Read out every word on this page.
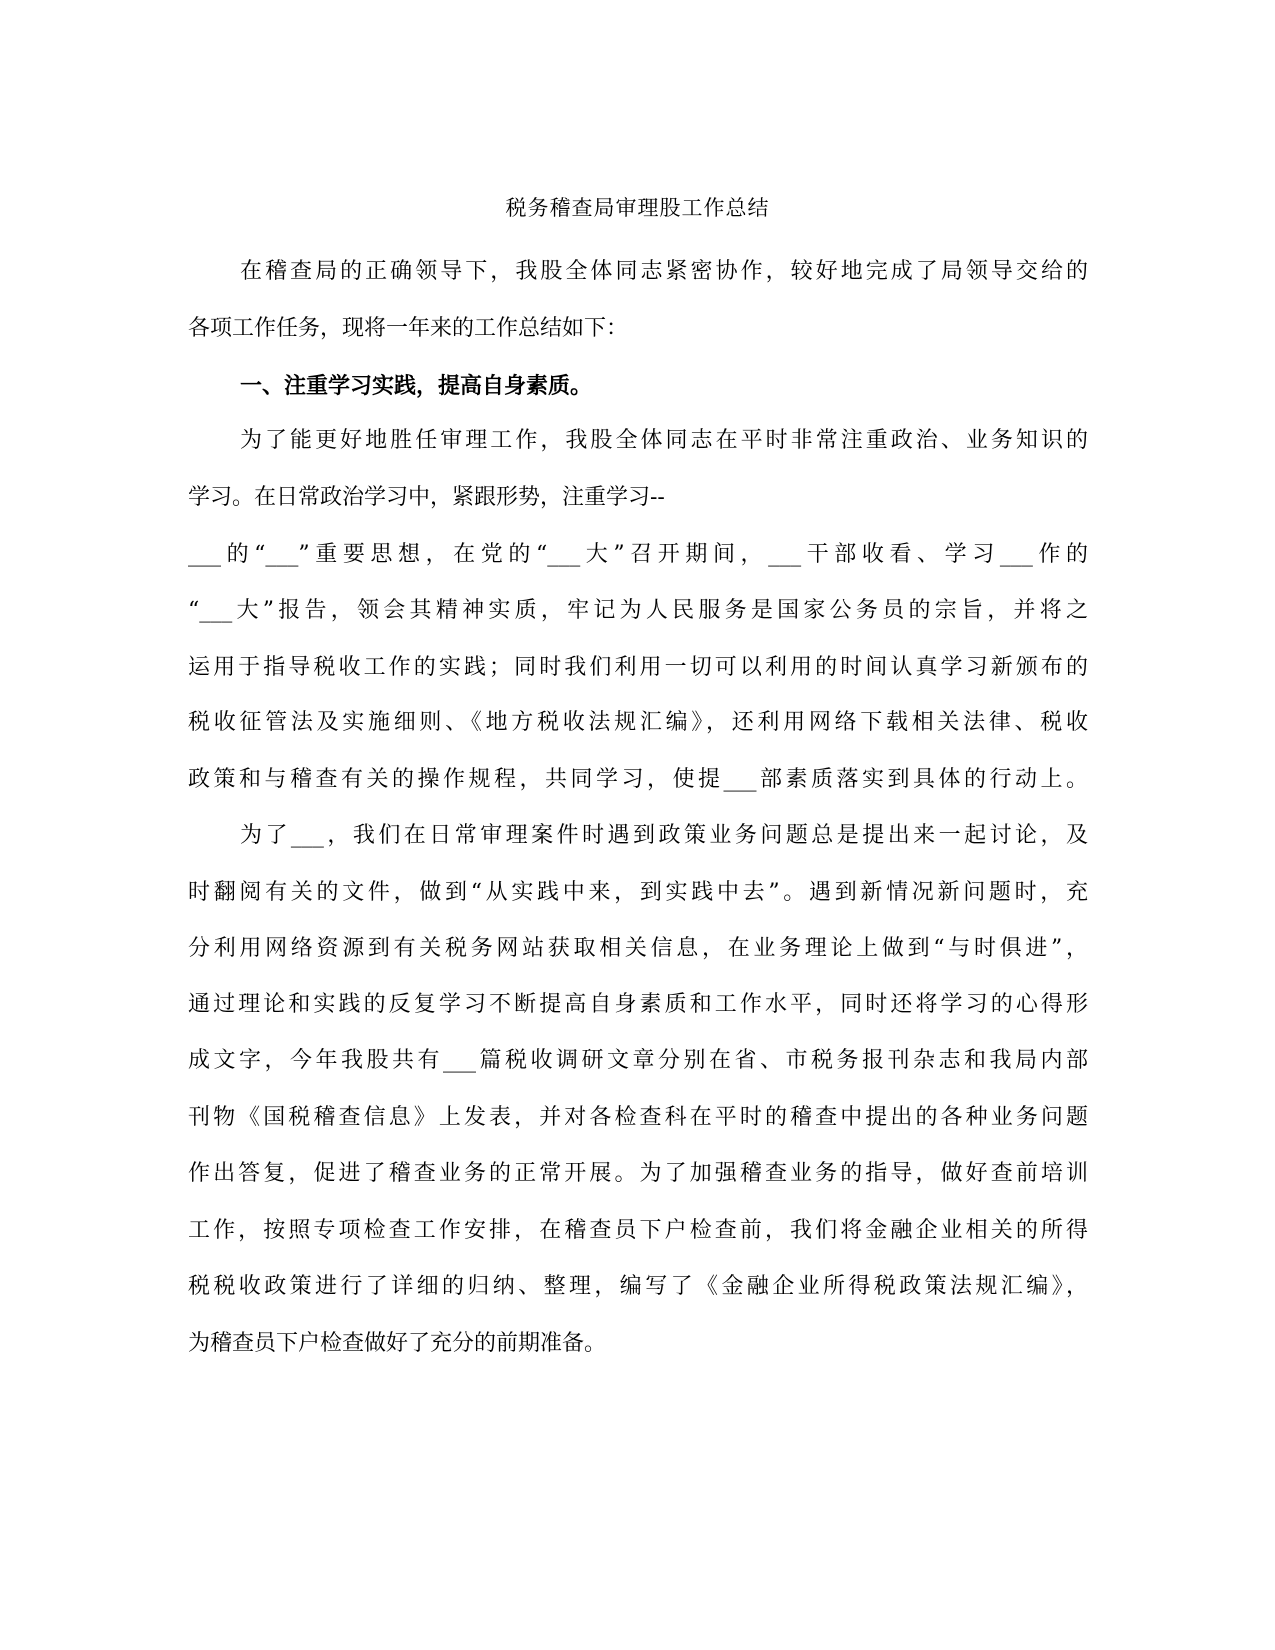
税务稽查局审理股工作总结
在稽查局的正确领导下，我股全体同志紧密协作，较好地完成了局领导交给的
各项工作任务，现将一年来的工作总结如下：
一、注重学习实践，提高自身素质。
为了能更好地胜任审理工作，我股全体同志在平时非常注重政治、业务知识的
学习。在日常政治学习中，紧跟形势，注重学习--
___的“___”重要思想，在党的“___大”召开期间，___干部收看、学习___作的
“___大”报告，领会其精神实质，牢记为人民服务是国家公务员的宗旨，并将之
运用于指导税收工作的实践；同时我们利用一切可以利用的时间认真学习新颁布的
税收征管法及实施细则、《地方税收法规汇编》，还利用网络下载相关法律、税收
政策和与稽查有关的操作规程，共同学习，使提___部素质落实到具体的行动上。
为了___，我们在日常审理案件时遇到政策业务问题总是提出来一起讨论，及
时翻阅有关的文件，做到“从实践中来，到实践中去”。遇到新情况新问题时，充
分利用网络资源到有关税务网站获取相关信息，在业务理论上做到“与时俱进”，
通过理论和实践的反复学习不断提高自身素质和工作水平，同时还将学习的心得形
成文字，今年我股共有___篇税收调研文章分别在省、市税务报刊杂志和我局内部
刊物《国税稽查信息》上发表，并对各检查科在平时的稽查中提出的各种业务问题
作出答复，促进了稽查业务的正常开展。为了加强稽查业务的指导，做好查前培训
工作，按照专项检查工作安排，在稽查员下户检查前，我们将金融企业相关的所得
税税收政策进行了详细的归纳、整理，编写了《金融企业所得税政策法规汇编》，
为稽查员下户检查做好了充分的前期准备。
